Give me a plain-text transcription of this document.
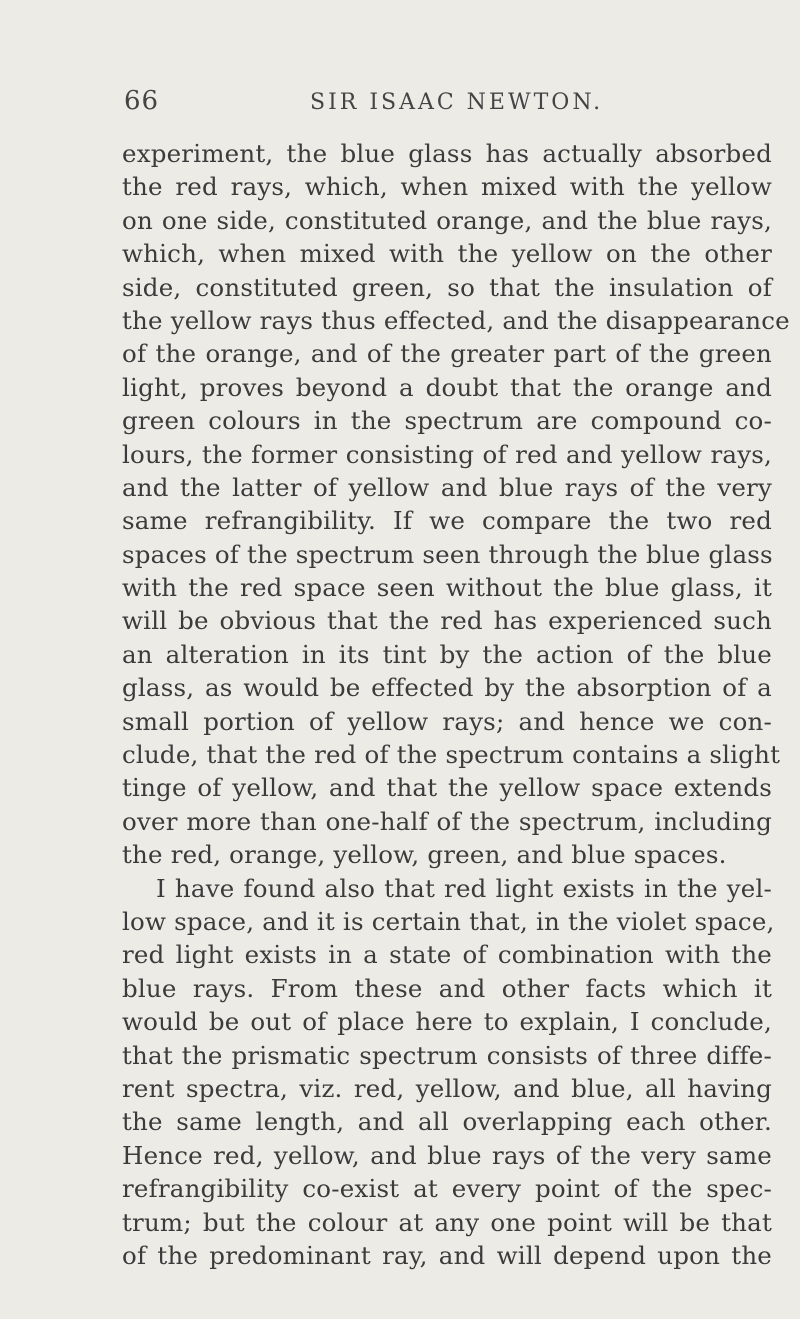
66	SIR ISAAC NEWTON.
experiment, the blue glass has actually absorbed
the red rays, which, when mixed with the yellow
on one side, constituted orange, and the blue rays,
which, when mixed with the yellow on the other
side, constituted green, so that the insulation of
the yellow rays thus effected, and the disappearance
of the orange, and of the greater part of the green
light, proves beyond a doubt that the orange and
green colours in the spectrum are compound co-
lours, the former consisting of red and yellow rays,
and the latter of yellow and blue rays of the very
same refrangibility. If we compare the two red
spaces of the spectrum seen through the blue glass
with the red space seen without the blue glass, it
will be obvious that the red has experienced such
an alteration in its tint by the action of the blue
glass, as would be effected by the absorption of a
small portion of yellow rays; and hence we con-
clude, that the red of the spectrum contains a slight
tinge of yellow, and that the yellow space extends
over more than one-half of the spectrum, including
the red, orange, yellow, green, and blue spaces.
I have found also that red light exists in the yel-
low space, and it is certain that, in the violet space,
red light exists in a state of combination with the
blue rays. From these and other facts which it
would be out of place here to explain, I conclude,
that the prismatic spectrum consists of three diffe-
rent spectra, viz. red, yellow, and blue, all having
the same length, and all overlapping each other.
Hence red, yellow, and blue rays of the very same
refrangibility co-exist at every point of the spec-
trum; but the colour at any one point will be that
of the predominant ray, and will depend upon the
